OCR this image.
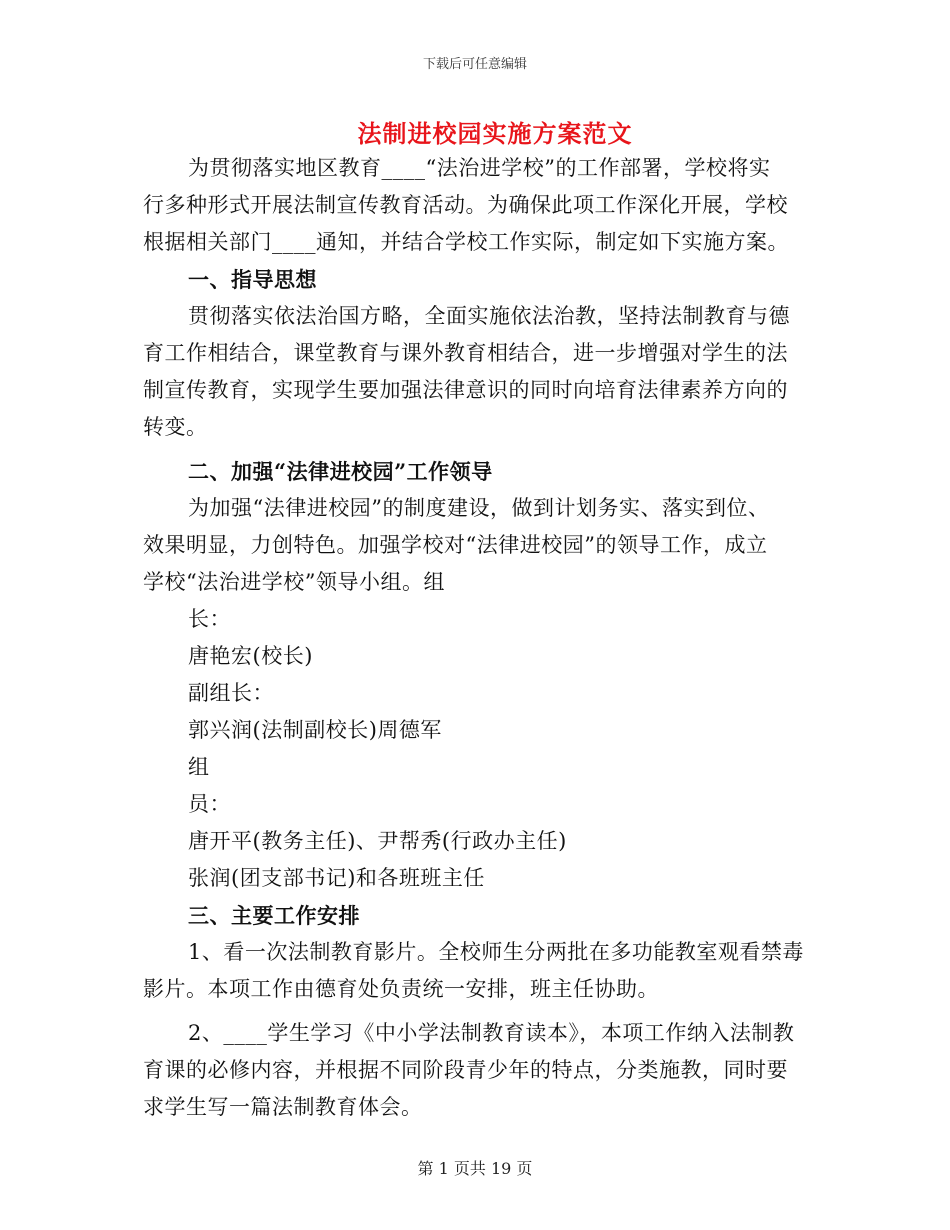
下载后可任意编辑
法制进校园实施方案范文
为贯彻落实地区教育____“法治进学校”的工作部署，学校将实
行多种形式开展法制宣传教育活动。为确保此项工作深化开展，学校
根据相关部门____通知，并结合学校工作实际，制定如下实施方案。
一、指导思想
贯彻落实依法治国方略，全面实施依法治教，坚持法制教育与德
育工作相结合，课堂教育与课外教育相结合，进一步增强对学生的法
制宣传教育，实现学生要加强法律意识的同时向培育法律素养方向的
转变。
二、加强“法律进校园”工作领导
为加强“法律进校园”的制度建设，做到计划务实、落实到位、
效果明显，力创特色。加强学校对“法律进校园”的领导工作，成立
学校“法治进学校”领导小组。组
长：
唐艳宏(校长)
副组长：
郭兴润(法制副校长)周德军
组
员：
唐开平(教务主任)、尹帮秀(行政办主任)
张润(团支部书记)和各班班主任
三、主要工作安排
1、看一次法制教育影片。全校师生分两批在多功能教室观看禁毒
影片。本项工作由德育处负责统一安排，班主任协助。
2、____学生学习《中小学法制教育读本》，本项工作纳入法制教
育课的必修内容，并根据不同阶段青少年的特点，分类施教，同时要
求学生写一篇法制教育体会。
第 1 页共 19 页
